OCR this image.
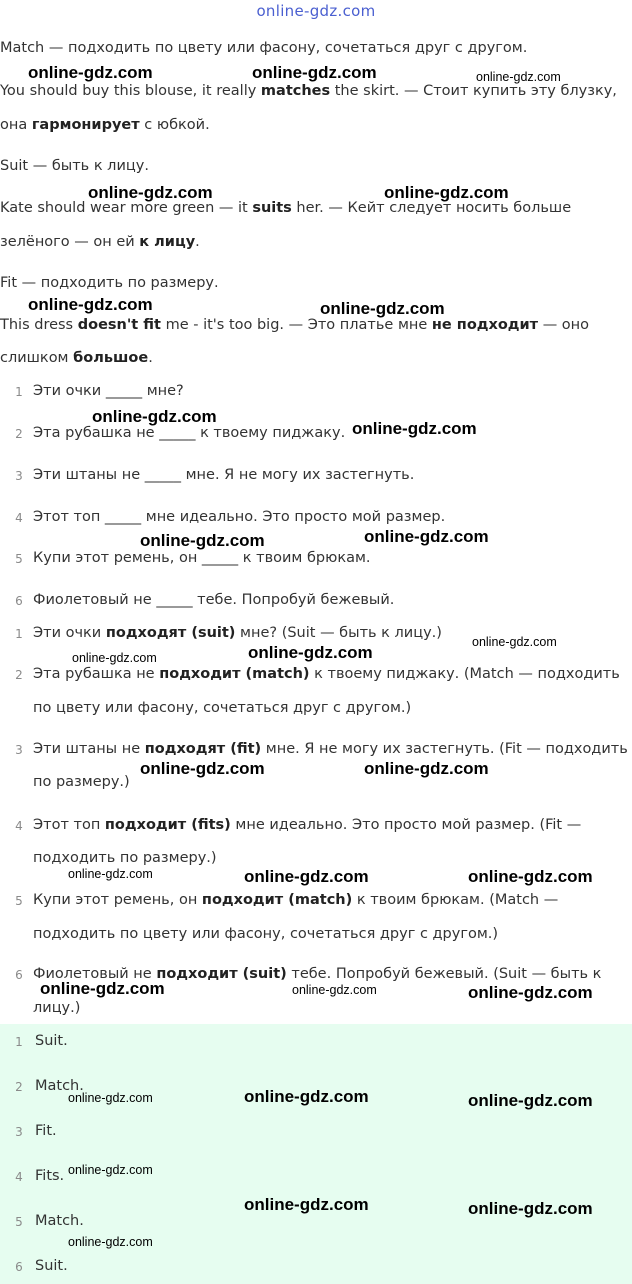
online-gdz.com
Match — подходить по цвету или фасону, сочетаться друг с другом.
You should buy this blouse, it really matches the skirt. — Стоит купить эту блузку,
она гармонирует с юбкой.
Suit — быть к лицу.
Kate should wear more green — it suits her. — Кейт следует носить больше
зелёного — он ей к лицу.
Fit — подходить по размеру.
This dress doesn't fit me - it's too big. — Это платье мне не подходит — оно
слишком большое.
1 Эти очки _____ мне?
2 Эта рубашка не _____ к твоему пиджаку.
3 Эти штаны не _____ мне. Я не могу их застегнуть.
4 Этот топ _____ мне идеально. Это просто мой размер.
5 Купи этот ремень, он _____ к твоим брюкам.
6 Фиолетовый не _____ тебе. Попробуй бежевый.
1 Эти очки подходят (suit) мне? (Suit — быть к лицу.)
2 Эта рубашка не подходит (match) к твоему пиджаку. (Match — подходить
по цвету или фасону, сочетаться друг с другом.)
3 Эти штаны не подходят (fit) мне. Я не могу их застегнуть. (Fit — подходить
по размеру.)
4 Этот топ подходит (fits) мне идеально. Это просто мой размер. (Fit —
подходить по размеру.)
5 Купи этот ремень, он подходит (match) к твоим брюкам. (Match —
подходить по цвету или фасону, сочетаться друг с другом.)
6 Фиолетовый не подходит (suit) тебе. Попробуй бежевый. (Suit — быть к
лицу.)
1 Suit.
2 Match.
3 Fit.
4 Fits.
5 Match.
6 Suit.
online-gdz.com	online-gdz.com	online-gdz.com
online-gdz.com	online-gdz.com
online-gdz.com	online-gdz.com
online-gdz.com
online-gdz.com
online-gdz.com	online-gdz.com
online-gdz.com
online-gdz.com	online-gdz.com
online-gdz.com	online-gdz.com
online-gdz.com	online-gdz.com	online-gdz.com
online-gdz.com	online-gdz.com	online-gdz.com
online-gdz.com	online-gdz.com	online-gdz.com
online-gdz.com
online-gdz.com	online-gdz.com
online-gdz.com
